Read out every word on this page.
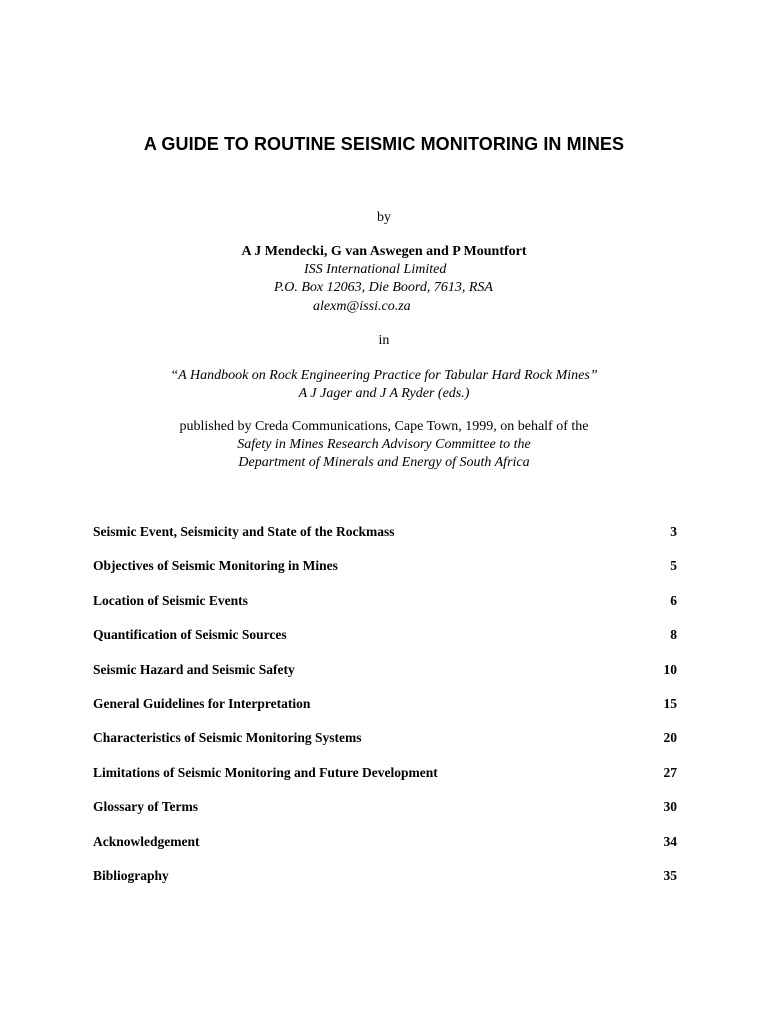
A GUIDE TO ROUTINE SEISMIC MONITORING IN MINES
by
A J Mendecki, G van Aswegen and P Mountfort
ISS International Limited
P.O. Box 12063, Die Boord, 7613, RSA
alexm@issi.co.za
in
“A Handbook on Rock Engineering Practice for Tabular Hard Rock Mines”
A J Jager and J A Ryder (eds.)
published by Creda Communications, Cape Town, 1999, on behalf of the
Safety in Mines Research Advisory Committee to the
Department of Minerals and Energy of South Africa
Seismic Event, Seismicity and State of the Rockmass	3
Objectives of Seismic Monitoring in Mines	5
Location of Seismic Events	6
Quantification of Seismic Sources	8
Seismic Hazard and Seismic Safety	10
General Guidelines for Interpretation	15
Characteristics of Seismic Monitoring Systems	20
Limitations of Seismic Monitoring and Future Development	27
Glossary of Terms	30
Acknowledgement	34
Bibliography	35
